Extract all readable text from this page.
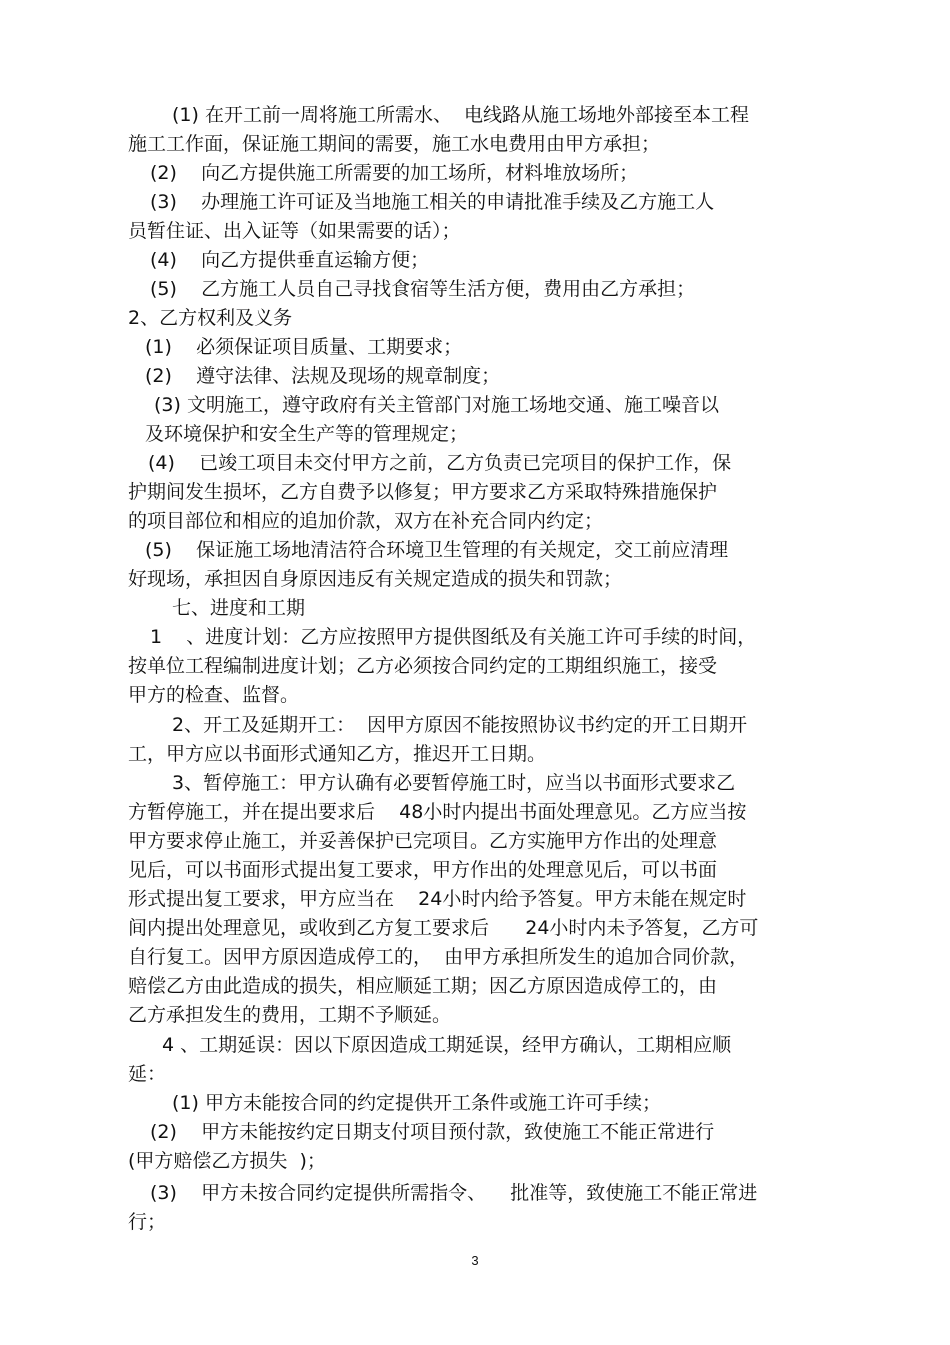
(1) 在开工前一周将施工所需水、  电线路从施工场地外部接至本工程
施工工作面，保证施工期间的需要，施工水电费用由甲方承担；
(2)    向乙方提供施工所需要的加工场所，材料堆放场所；
(3)    办理施工许可证及当地施工相关的申请批准手续及乙方施工人
员暂住证、出入证等（如果需要的话）；
(4)    向乙方提供垂直运输方便；
(5)    乙方施工人员自己寻找食宿等生活方便，费用由乙方承担；
2、乙方权利及义务
(1)    必须保证项目质量、工期要求；
(2)    遵守法律、法规及现场的规章制度；
(3) 文明施工，遵守政府有关主管部门对施工场地交通、施工噪音以
及环境保护和安全生产等的管理规定；
(4)    已竣工项目未交付甲方之前，乙方负责已完项目的保护工作，保
护期间发生损坏，乙方自费予以修复；甲方要求乙方采取特殊措施保护
的项目部位和相应的追加价款，双方在补充合同内约定；
(5)    保证施工场地清洁符合环境卫生管理的有关规定，交工前应清理
好现场，承担因自身原因违反有关规定造成的损失和罚款；
七、进度和工期
1    、进度计划：乙方应按照甲方提供图纸及有关施工许可手续的时间，
按单位工程编制进度计划；乙方必须按合同约定的工期组织施工，接受
甲方的检查、监督。
2、开工及延期开工：  因甲方原因不能按照协议书约定的开工日期开
工，甲方应以书面形式通知乙方，推迟开工日期。
3、暂停施工：甲方认确有必要暂停施工时，应当以书面形式要求乙
方暂停施工，并在提出要求后    48小时内提出书面处理意见。乙方应当按
甲方要求停止施工，并妥善保护已完项目。乙方实施甲方作出的处理意
见后，可以书面形式提出复工要求，甲方作出的处理意见后，可以书面
形式提出复工要求，甲方应当在    24小时内给予答复。甲方未能在规定时
间内提出处理意见，或收到乙方复工要求后      24小时内未予答复，乙方可
自行复工。因甲方原因造成停工的，  由甲方承担所发生的追加合同价款，
赔偿乙方由此造成的损失，相应顺延工期；因乙方原因造成停工的，由
乙方承担发生的费用，工期不予顺延。
4 、工期延误：因以下原因造成工期延误，经甲方确认，工期相应顺
延：
(1) 甲方未能按合同的约定提供开工条件或施工许可手续；
(2)    甲方未能按约定日期支付项目预付款，致使施工不能正常进行
(甲方赔偿乙方损失  )；
(3)    甲方未按合同约定提供所需指令、    批准等，致使施工不能正常进
行；
3
